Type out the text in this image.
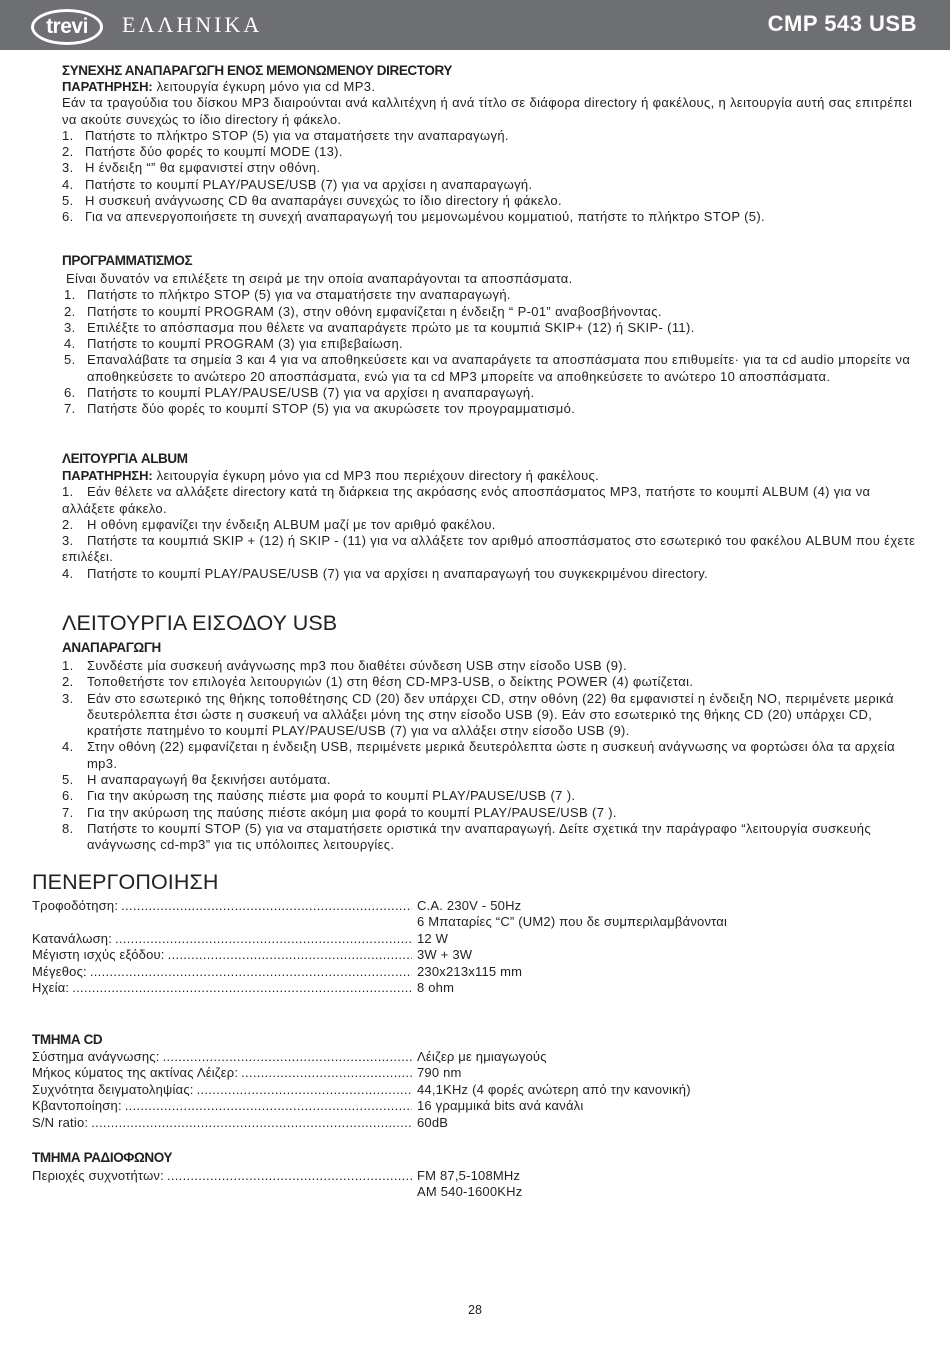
trevi	ΕΛΛΗΝΙΚΑ	CMP 543 USB
ΣΥΝΕΧΗΣ ΑΝΑΠΑΡΑΓΩΓΗ ΕΝΟΣ ΜΕΜΟΝΩΜΕΝΟΥ DIRECTORY
ΠΑΡΑΤΗΡΗΣΗ: λειτουργία έγκυρη μόνο για cd MP3.
Εάν τα τραγούδια του δίσκου MP3 διαιρούνται ανά καλλιτέχνη ή ανά τίτλο σε διάφορα directory ή φακέλους, η λειτουργία αυτή σας επιτρέπει να ακούτε συνεχώς το ίδιο directory ή φάκελο.
1. Πατήστε το πλήκτρο STOP (5) για να σταματήσετε την αναπαραγωγή.
2. Πατήστε δύο φορές το κουμπί MODE (13).
3. Η ένδειξη “” θα εμφανιστεί στην οθόνη.
4. Πατήστε το κουμπί PLAY/PAUSE/USB (7) για να αρχίσει η αναπαραγωγή.
5. Η συσκευή ανάγνωσης CD θα αναπαράγει συνεχώς το ίδιο directory ή φάκελο.
6. Για να απενεργοποιήσετε τη συνεχή αναπαραγωγή του μεμονωμένου κομματιού, πατήστε το πλήκτρο STOP (5).
ΠΡΟΓΡΑΜΜΑΤΙΣΜΟΣ
Είναι δυνατόν να επιλέξετε τη σειρά με την οποία αναπαράγονται τα αποσπάσματα.
1. Πατήστε το πλήκτρο STOP (5) για να σταματήσετε την αναπαραγωγή.
2. Πατήστε το κουμπί PROGRAM (3), στην οθόνη εμφανίζεται η ένδειξη “ P-01” αναβοσβήνοντας.
3. Επιλέξτε το απόσπασμα που θέλετε να αναπαράγετε πρώτο με τα κουμπιά SKIP+ (12) ή SKIP- (11).
4. Πατήστε το κουμπί PROGRAM (3) για επιβεβαίωση.
5. Επαναλάβατε τα σημεία 3 και 4 για να αποθηκεύσετε και να αναπαράγετε τα αποσπάσματα που επιθυμείτε· για τα cd audio μπορείτε να αποθηκεύσετε το ανώτερο 20 αποσπάσματα, ενώ για τα cd MP3 μπορείτε να αποθηκεύσετε το ανώτερο 10 αποσπάσματα.
6. Πατήστε το κουμπί PLAY/PAUSE/USB (7) για να αρχίσει η αναπαραγωγή.
7. Πατήστε δύο φορές το κουμπί STOP (5) για να ακυρώσετε τον προγραμματισμό.
ΛΕΙΤΟΥΡΓΙΑ ALBUM
ΠΑΡΑΤΗΡΗΣΗ: λειτουργία έγκυρη μόνο για cd MP3 που περιέχουν directory ή φακέλους.
1. Εάν θέλετε να αλλάξετε directory κατά τη διάρκεια της ακρόασης ενός αποσπάσματος MP3, πατήστε το κουμπί ALBUM (4) για να αλλάξετε φάκελο.
2. Η οθόνη εμφανίζει την ένδειξη ALBUM μαζί με τον αριθμό φακέλου.
3. Πατήστε τα κουμπιά SKIP + (12) ή SKIP - (11) για να αλλάξετε τον αριθμό αποσπάσματος στο εσωτερικό του φακέλου ALBUM που έχετε επιλέξει.
4. Πατήστε το κουμπί PLAY/PAUSE/USB (7) για να αρχίσει η αναπαραγωγή του συγκεκριμένου directory.
ΛΕΙΤΟΥΡΓΙΑ ΕΙΣΟΔΟΥ USB
ΑΝΑΠΑΡΑΓΩΓΗ
1.	Συνδέστε μία συσκευή ανάγνωσης mp3 που διαθέτει σύνδεση USB στην είσοδο USB (9).
2.	Τοποθετήστε τον επιλογέα λειτουργιών (1) στη θέση CD-MP3-USB, ο δείκτης POWER (4) φωτίζεται.
3.	Εάν στο εσωτερικό της θήκης τοποθέτησης CD (20) δεν υπάρχει CD, στην οθόνη (22) θα εμφανιστεί η ένδειξη NO, περιμένετε μερικά δευτερόλεπτα έτσι ώστε η συσκευή να αλλάξει μόνη της στην είσοδο USB (9). Εάν στο εσωτερικό της θήκης CD (20) υπάρχει CD, κρατήστε πατημένο το κουμπί PLAY/PAUSE/USB (7) για να αλλάξει στην είσοδο USB (9).
4.	Στην οθόνη (22) εμφανίζεται η ένδειξη USB, περιμένετε μερικά δευτερόλεπτα ώστε η συσκευή ανάγνωσης να φορτώσει όλα τα αρχεία mp3.
5.	Η αναπαραγωγή θα ξεκινήσει αυτόματα.
6.	Για την ακύρωση της παύσης πιέστε μια φορά το κουμπί PLAY/PAUSE/USB (7 ).
7.	Για την ακύρωση της παύσης πιέστε ακόμη μια φορά το κουμπί PLAY/PAUSE/USB (7 ).
8.	Πατήστε το κουμπί STOP (5) για να σταματήσετε οριστικά την αναπαραγωγή. Δείτε σχετικά την παράγραφο “λειτουργία συσκευής ανάγνωσης cd-mp3” για τις υπόλοιπες λειτουργίες.
ΠΕΝΕΡΓΟΠΟΙΗΣΗ
Τροφοδότηση: .....	C.A. 230V - 50Hz
6 Μπαταρίες “C” (UM2) που δε συμπεριλαμβάνονται
Κατανάλωση: .....	12 W
Μέγιστη ισχύς εξόδου: .....	3W + 3W
Μέγεθος: .....	230x213x115 mm
Ηχεία: .....	8 ohm
ΤΜΗΜΑ CD
Σύστημα ανάγνωσης: .....	Λέιζερ με ημιαγωγούς
Μήκος κύματος της ακτίνας Λέιζερ: .....	790 nm
Συχνότητα δειγματοληψίας: .....	44,1KHz (4 φορές ανώτερη από την κανονική)
Κβαντοποίηση: .....	16 γραμμικά bits ανά κανάλι
S/N ratio: .....	60dB
ΤΜΗΜΑ ΡΑΔΙΟΦΩΝΟΥ
Περιοχές συχνοτήτων: .....	FM 87,5-108MHz
AM 540-1600KHz
28
